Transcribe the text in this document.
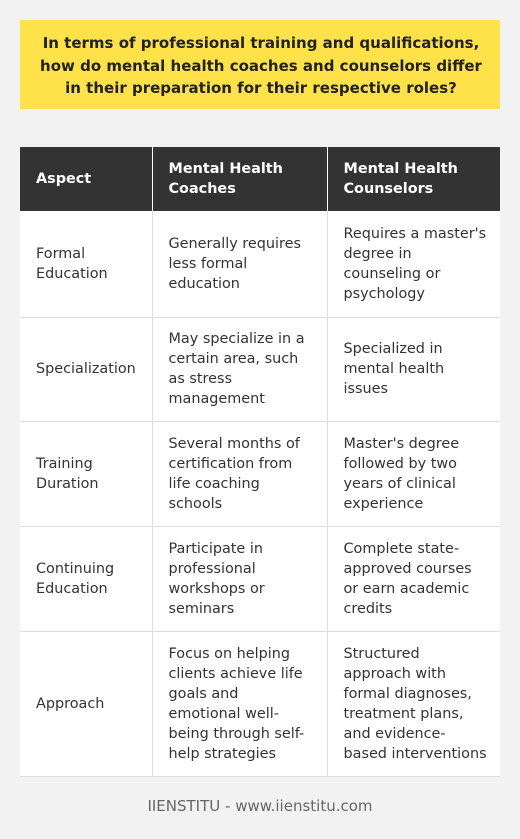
In terms of professional training and qualifications, how do mental health coaches and counselors differ in their preparation for their respective roles?
Aspect	Mental Health Coaches	Mental Health Counselors
Formal Education	Generally requires less formal education	Requires a master's degree in counseling or psychology
Specialization	May specialize in a certain area, such as stress management	Specialized in mental health issues
Training Duration	Several months of certification from life coaching schools	Master's degree followed by two years of clinical experience
Continuing Education	Participate in professional workshops or seminars	Complete state-approved courses or earn academic credits
Approach	Focus on helping clients achieve life goals and emotional well-being through self-help strategies	Structured approach with formal diagnoses, treatment plans, and evidence-based interventions
IIENSTITU - www.iienstitu.com
